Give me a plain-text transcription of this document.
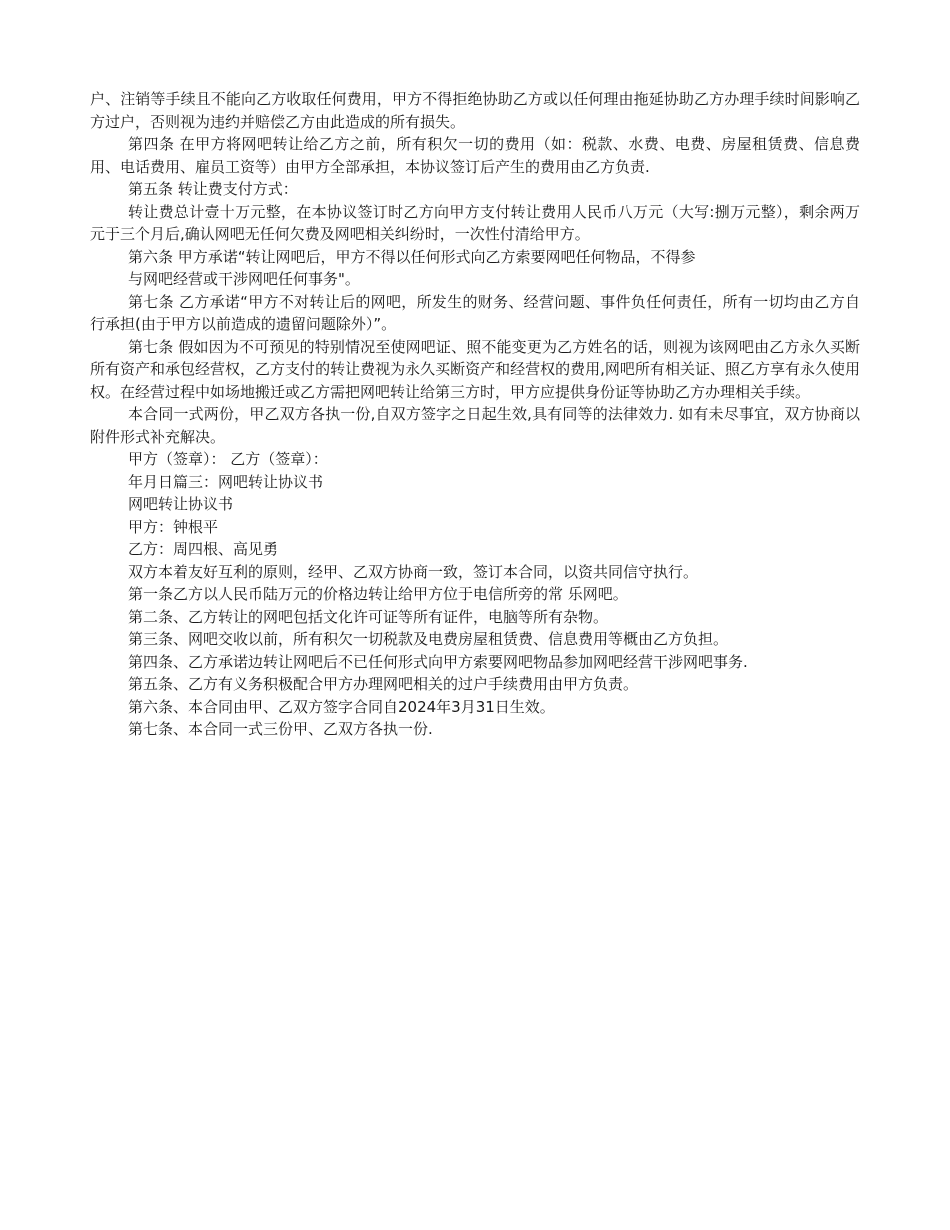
户、注销等手续且不能向乙方收取任何费用，甲方不得拒绝协助乙方或以任何理由拖延协助乙方办理手续时间影响乙方过户，否则视为违约并赔偿乙方由此造成的所有损失。

第四条 在甲方将网吧转让给乙方之前，所有积欠一切的费用（如：税款、水费、电费、房屋租赁费、信息费用、电话费用、雇员工资等）由甲方全部承担，本协议签订后产生的费用由乙方负责.

第五条 转让费支付方式：

转让费总计壹十万元整，在本协议签订时乙方向甲方支付转让费用人民币八万元（大写:捌万元整），剩余两万元于三个月后,确认网吧无任何欠费及网吧相关纠纷时，一次性付清给甲方。

第六条 甲方承诺“转让网吧后，甲方不得以任何形式向乙方索要网吧任何物品，不得参

与网吧经营或干涉网吧任何事务"。

第七条 乙方承诺“甲方不对转让后的网吧，所发生的财务、经营问题、事件负任何责任，所有一切均由乙方自行承担(由于甲方以前造成的遗留问题除外）”。

第七条 假如因为不可预见的特别情况至使网吧证、照不能变更为乙方姓名的话，则视为该网吧由乙方永久买断所有资产和承包经营权，乙方支付的转让费视为永久买断资产和经营权的费用,网吧所有相关证、照乙方享有永久使用权。在经营过程中如场地搬迁或乙方需把网吧转让给第三方时，甲方应提供身份证等协助乙方办理相关手续。

本合同一式两份，甲乙双方各执一份,自双方签字之日起生效,具有同等的法律效力. 如有未尽事宜，双方协商以附件形式补充解决。

甲方（签章）： 乙方（签章）：

年月日篇三：网吧转让协议书

网吧转让协议书

甲方：钟根平

乙方：周四根、高见勇

双方本着友好互利的原则，经甲、乙双方协商一致，签订本合同，以资共同信守执行。

第一条乙方以人民币陆万元的价格边转让给甲方位于电信所旁的常 乐网吧。

第二条、乙方转让的网吧包括文化许可证等所有证件，电脑等所有杂物。

第三条、网吧交收以前，所有积欠一切税款及电费房屋租赁费、信息费用等概由乙方负担。

第四条、乙方承诺边转让网吧后不已任何形式向甲方索要网吧物品参加网吧经营干涉网吧事务.

第五条、乙方有义务积极配合甲方办理网吧相关的过户手续费用由甲方负责。

第六条、本合同由甲、乙双方签字合同自2024年3月31日生效。

第七条、本合同一式三份甲、乙双方各执一份.
